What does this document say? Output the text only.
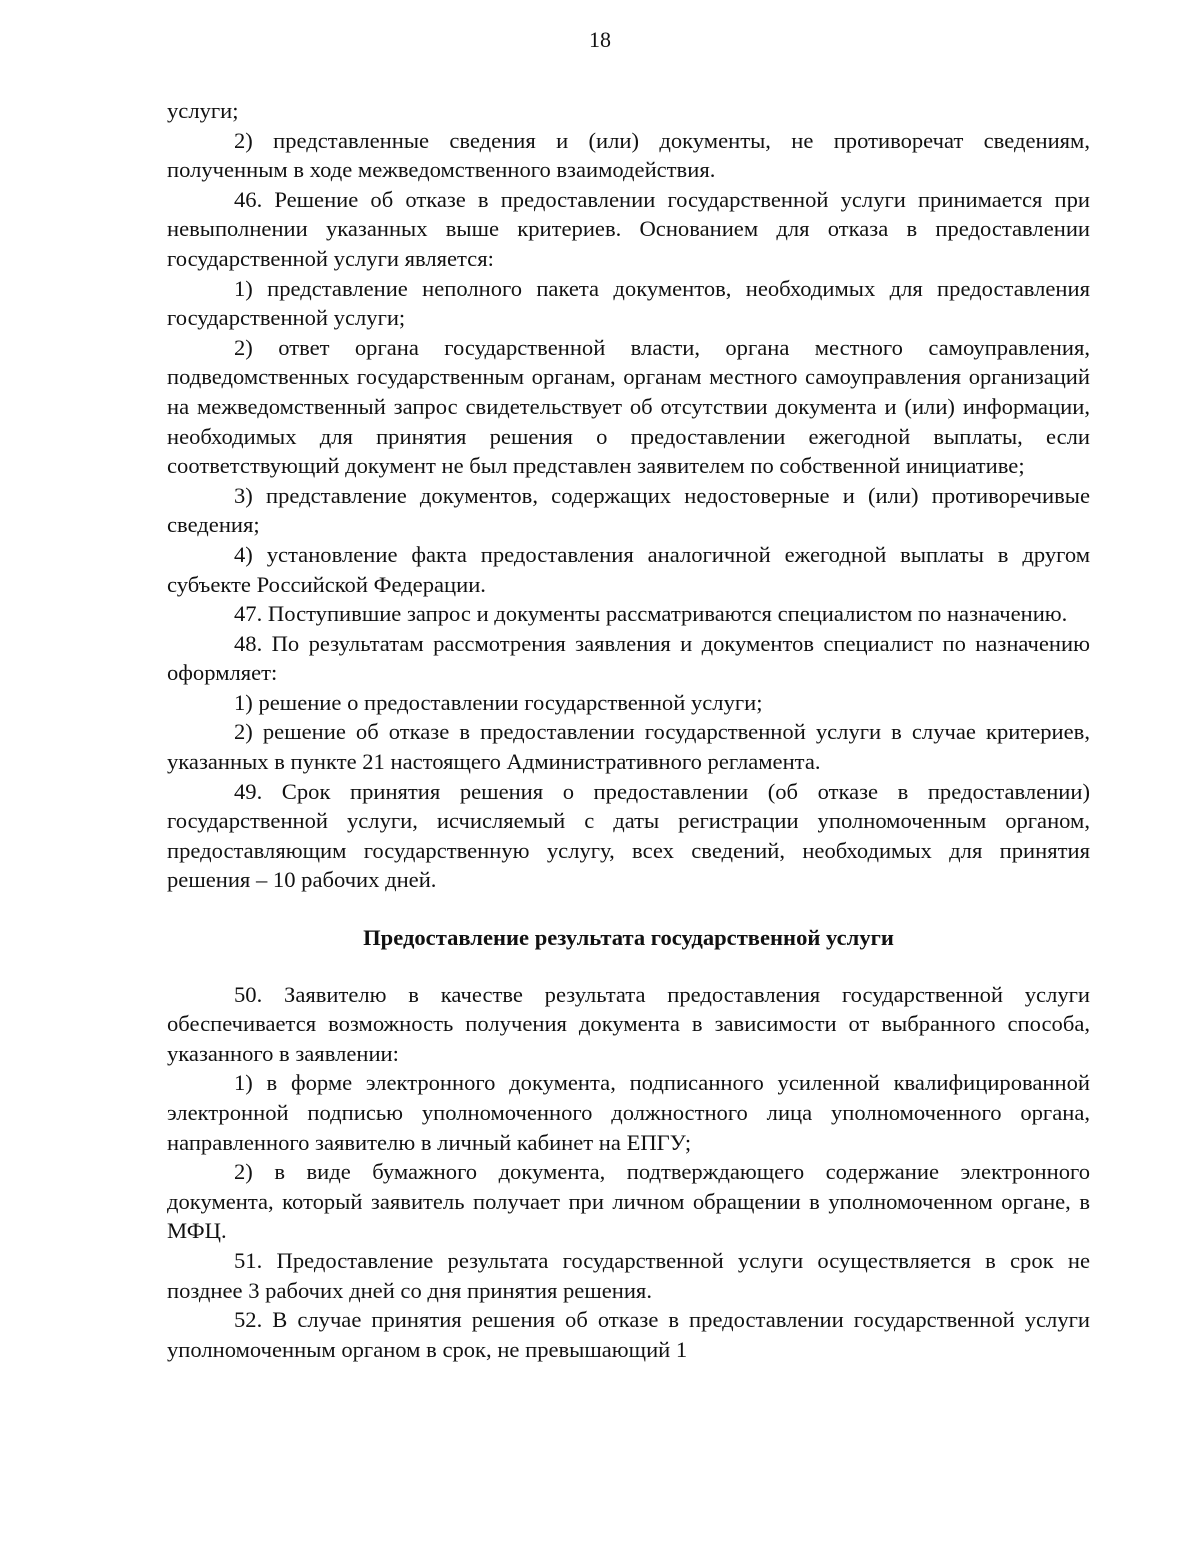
18

услуги;

2) представленные сведения и (или) документы, не противоречат сведениям, полученным в ходе межведомственного взаимодействия.

46. Решение об отказе в предоставлении государственной услуги принимается при невыполнении указанных выше критериев. Основанием для отказа в предоставлении государственной услуги является:

1) представление неполного пакета документов, необходимых для предоставления государственной услуги;

2) ответ органа государственной власти, органа местного самоуправления, подведомственных государственным органам, органам местного самоуправления организаций на межведомственный запрос свидетельствует об отсутствии документа и (или) информации, необходимых для принятия решения о предоставлении ежегодной выплаты, если соответствующий документ не был представлен заявителем по собственной инициативе;

3) представление документов, содержащих недостоверные и (или) противоречивые сведения;

4) установление факта предоставления аналогичной ежегодной выплаты в другом субъекте Российской Федерации.

47. Поступившие запрос и документы рассматриваются специалистом по назначению.

48. По результатам рассмотрения заявления и документов специалист по назначению оформляет:

1) решение о предоставлении государственной услуги;

2) решение об отказе в предоставлении государственной услуги в случае критериев, указанных в пункте 21 настоящего Административного регламента.

49. Срок принятия решения о предоставлении (об отказе в предоставлении) государственной услуги, исчисляемый с даты регистрации уполномоченным органом, предоставляющим государственную услугу, всех сведений, необходимых для принятия решения – 10 рабочих дней.

Предоставление результата государственной услуги

50. Заявителю в качестве результата предоставления государственной услуги обеспечивается возможность получения документа в зависимости от выбранного способа, указанного в заявлении:

1) в форме электронного документа, подписанного усиленной квалифицированной электронной подписью уполномоченного должностного лица уполномоченного органа, направленного заявителю в личный кабинет на ЕПГУ;

2) в виде бумажного документа, подтверждающего содержание электронного документа, который заявитель получает при личном обращении в уполномоченном органе, в МФЦ.

51. Предоставление результата государственной услуги осуществляется в срок не позднее 3 рабочих дней со дня принятия решения.

52. В случае принятия решения об отказе в предоставлении государственной услуги уполномоченным органом в срок, не превышающий 1
